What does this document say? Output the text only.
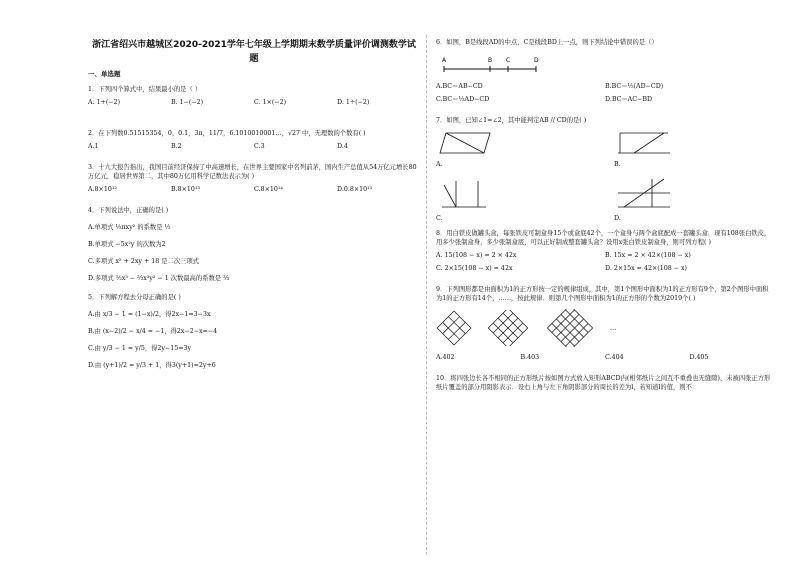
浙江省绍兴市越城区2020-2021学年七年级上学期期末数学质量评价调测数学试题
一、单选题
1．下列四个算式中，结果最小的是（ ）
A. 1+(−2)	B. 1−(−2)	C. 1×(−2)	D. 1÷(−2)
2．在下列数0.51515354，0，0.1̇，3π，11/7，6.1010010001…，√27 中，无理数的个数有( )
A.1	B.2	C.3	D.4
3．十九大报告指出，我国目前经济保持了中高速增长，在世界主要国家中名列前茅，国内生产总值从54万亿元增长80万亿元，稳居世界第二，其中80万亿用科学记数法表示为( )
A.8×10¹²	B.8×10¹³	C.8×10¹⁴	D.0.8×10¹³
4．下列说法中，正确的是( )
A.单项式 ½πxy² 的系数是 ½
B.单项式 −5x²y 的次数为2
C.多项式 x² + 2xy + 18 是二次三项式
D.多项式 ½x³ − ⅔x²y² − 1 次数最高的系数是 ⅔
5．下列解方程去分母正确的是( )
A.由 x/3 − 1 = (1−x)/2，得2x−1=3−3x
B.由 (x−2)/2 − x/4 = −1，得2x−2−x=−4
C.由 y/3 − 1 = y/5，得2y−15=3y
D.由 (y+1)/2 = y/3 + 1，得3(y+1)=2y+6
6．如图，B是线段AD的中点，C是线段BD上一点，则下列结论中错误的是（）
A	B C	D
A.BC＝AB−CD	B.BC＝½(AD−CD)
C.BC＝½AD−CD	D.BC＝AC−BD
7．如图，已知∠1=∠2，其中能判定AB // CD的是( )
A.	B.
C.	D.
8．用白铁皮做罐头盒，每张铁皮可制盒身15个或盒底42个，一个盒身与两个盒底配成一套罐头盒．现有108张白铁皮，用多少张制盒身，多少张制盒底，可以正好制成整套罐头盒？设用x张白铁皮制盒身，则可列方程( )
A. 15(108 − x) = 2 × 42x	B. 15x = 2 × 42×(108 − x)
C. 2×15(108 − x) = 42x	D. 2×15x = 42×(108 − x)
9．下列图形都是由面积为1的正方形按一定的规律组成，其中，第1个图形中面积为1的正方形有9个，第2个图形中面积为1的正方形有14个，……，按此规律．则第几个图形中面积为1的正方形的个数为2019个( )
…
A.402	B.403	C.404	D.405
10．将四张边长各不相同的正方形纸片按如图方式放入矩形ABCD内(相邻纸片之间互不重叠也无缝隙)，未被四张正方形纸片覆盖的部分用阴影表示．设右上角与左下角阴影部分的周长的差为l，若知道l的值，则不
